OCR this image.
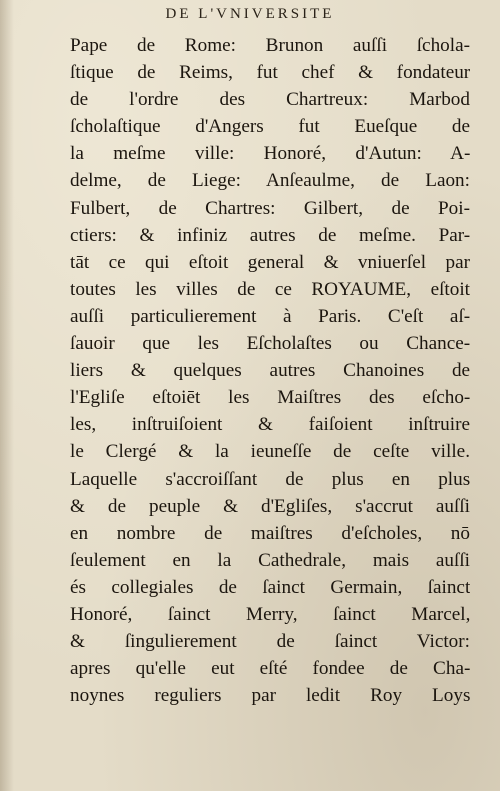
DE L'VNIVERSITE
Pape de Rome: Brunon auſſi ſchola-
ſtique de Reims, fut chef & fondateur
de l'ordre des Chartreux: Marbod
ſcholaſtique d'Angers fut Eueſque de
la meſme ville: Honoré, d'Autun: A-
delme, de Liege: Anſeaulme, de Laon:
Fulbert, de Chartres: Gilbert, de Poi-
ctiers: & infiniz autres de meſme. Par-
tāt ce qui eſtoit general & vniuerſel par
toutes les villes de ce ROYAUME, eſtoit
auſſi particulierement à Paris. C'eſt aſ-
ſauoir que les Eſcholaſtes ou Chance-
liers & quelques autres Chanoines de
l'Egliſe eſtoiēt les Maiſtres des eſcho-
les, inſtruiſoient & faiſoient inſtruire
le Clergé & la ieuneſſe de ceſte ville.
Laquelle s'accroiſſant de plus en plus
& de peuple & d'Egliſes, s'accrut auſſi
en nombre de maiſtres d'eſcholes, nō
ſeulement en la Cathedrale, mais auſſi
és collegiales de ſainct Germain, ſainct
Honoré, ſainct Merry, ſainct Marcel,
& ſingulierement de ſainct Victor:
apres qu'elle eut eſté fondee de Cha-
noynes reguliers par ledit Roy Loys
